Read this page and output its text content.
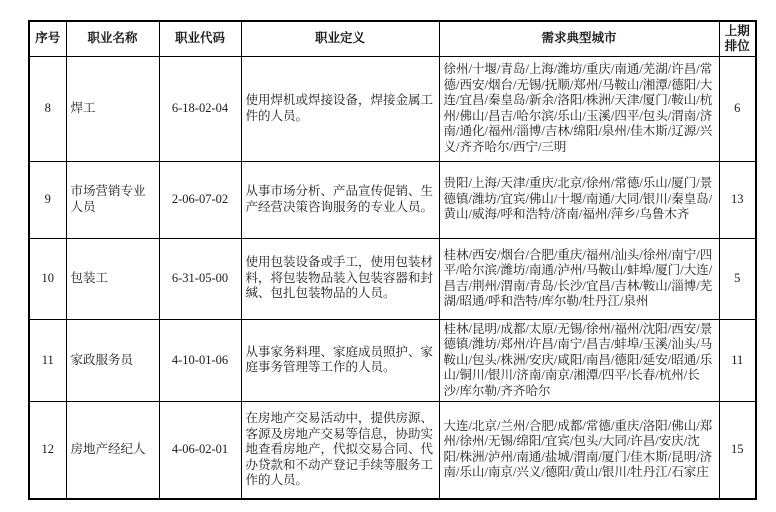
序号	职业名称	职业代码	职业定义	需求典型城市	上期排位
8	焊工	6-18-02-04	使用焊机或焊接设备，焊接金属工件的人员。	徐州/十堰/青岛/上海/潍坊/重庆/南通/芜湖/许昌/常德/西安/烟台/无锡/抚顺/郑州/马鞍山/湘潭/德阳/大连/宜昌/秦皇岛/新余/洛阳/株洲/天津/厦门/鞍山/杭州/佛山/昌吉/哈尔滨/乐山/玉溪/四平/包头/渭南/济南/通化/福州/淄博/吉林/绵阳/泉州/佳木斯/辽源/兴义/齐齐哈尔/西宁/三明	6
9	市场营销专业人员	2-06-07-02	从事市场分析、产品宣传促销、生产经营决策咨询服务的专业人员。	贵阳/上海/天津/重庆/北京/徐州/常德/乐山/厦门/景德镇/潍坊/宜宾/佛山/十堰/南通/大同/银川/秦皇岛/黄山/威海/呼和浩特/济南/福州/萍乡/乌鲁木齐	13
10	包装工	6-31-05-00	使用包装设备或手工，使用包装材料，将包装物品装入包装容器和封缄、包扎包装物品的人员。	桂林/西安/烟台/合肥/重庆/福州/汕头/徐州/南宁/四平/哈尔滨/潍坊/南通/泸州/马鞍山/蚌埠/厦门/大连/昌吉/荆州/渭南/青岛/长沙/宜昌/吉林/鞍山/淄博/芜湖/昭通/呼和浩特/库尔勒/牡丹江/泉州	5
11	家政服务员	4-10-01-06	从事家务料理、家庭成员照护、家庭事务管理等工作的人员。	桂林/昆明/成都/太原/无锡/徐州/福州/沈阳/西安/景德镇/潍坊/郑州/许昌/南宁/昌吉/蚌埠/玉溪/汕头/马鞍山/包头/株洲/安庆/咸阳/南昌/德阳/延安/昭通/乐山/铜川/银川/济南/南京/湘潭/四平/长春/杭州/长沙/库尔勒/齐齐哈尔	11
12	房地产经纪人	4-06-02-01	在房地产交易活动中，提供房源、客源及房地产交易等信息，协助实地查看房地产，代拟交易合同、代办贷款和不动产登记手续等服务工作的人员。	大连/北京/兰州/合肥/成都/常德/重庆/洛阳/佛山/郑州/徐州/无锡/绵阳/宜宾/包头/大同/许昌/安庆/沈阳/株洲/泸州/南通/盐城/渭南/厦门/佳木斯/昆明/济南/乐山/南京/兴义/德阳/黄山/银川/牡丹江/石家庄	15
